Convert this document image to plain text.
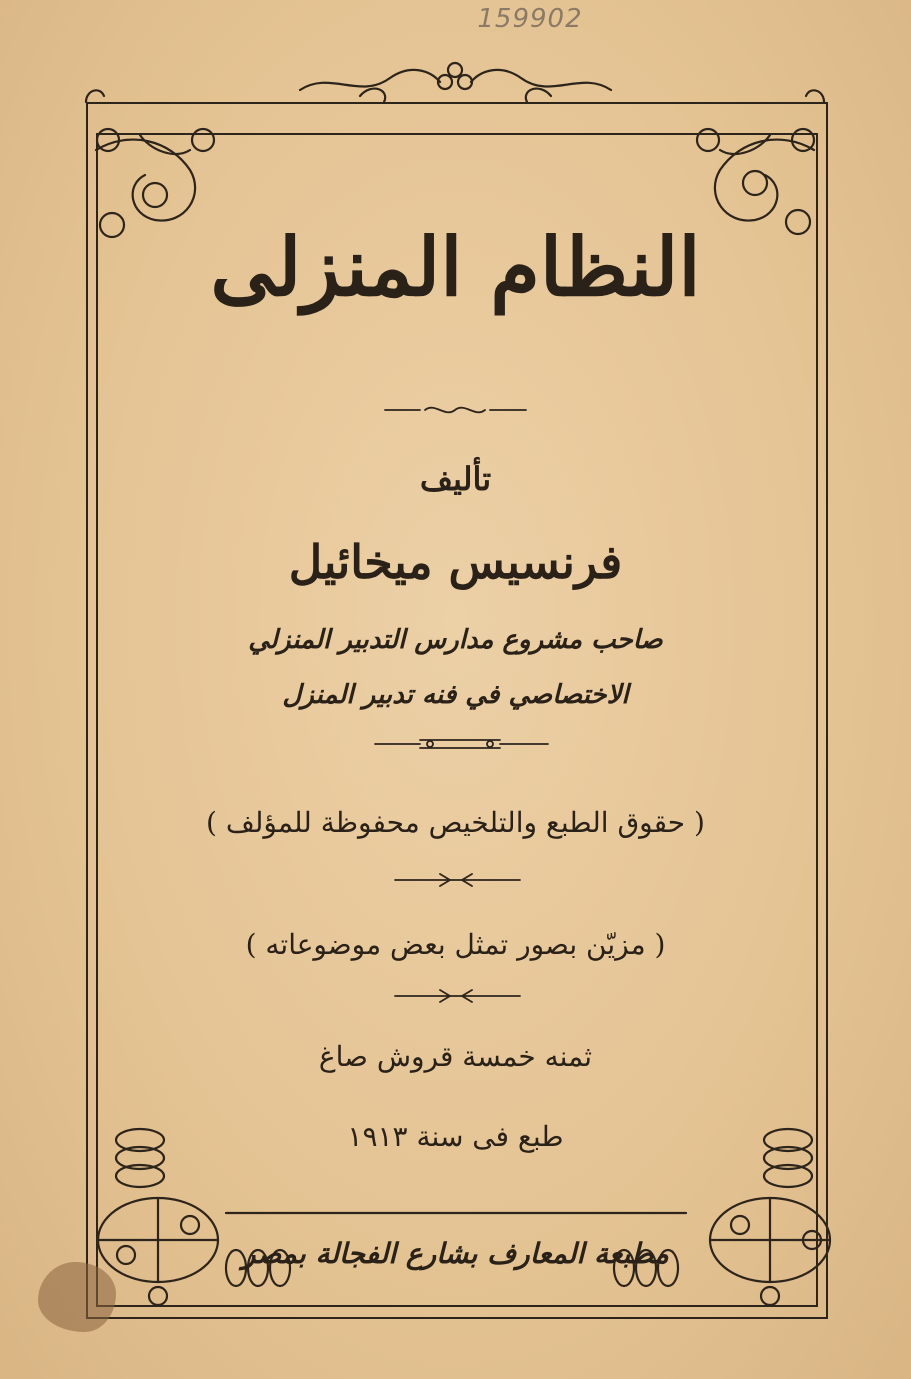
159902
النظام المنزلى
تأليف
فرنسيس ميخائيل
صاحب مشروع مدارس التدبير المنزلي
الاختصاصي في فنه تدبير المنزل
( حقوق الطبع والتلخيص محفوظة للمؤلف )
( مزيّن بصور تمثل بعض موضوعاته )
ثمنه خمسة قروش صاغ
طبع فى سنة ١٩١٣
مطبعة المعارف بشارع الفجالة بمصر
